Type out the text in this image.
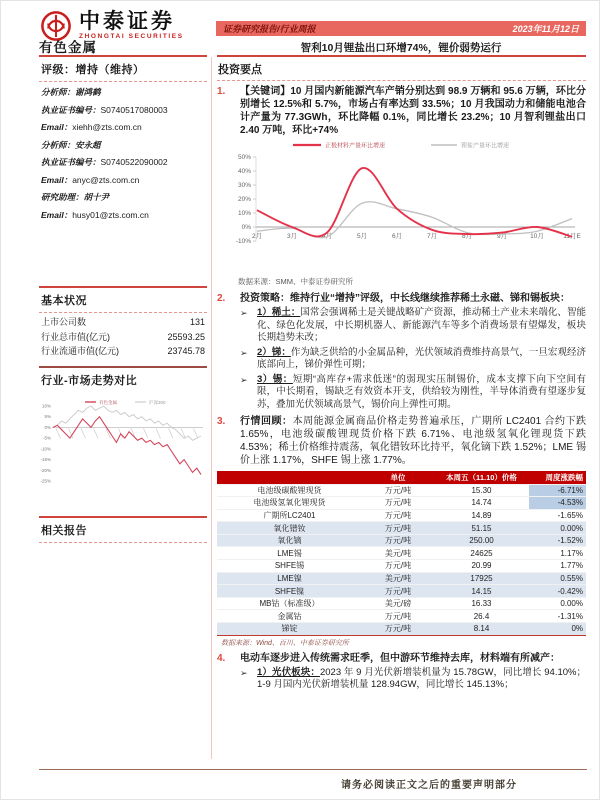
中泰证券
ZHONGTAI SECURITIES
证券研究报告/行业周报	2023年11月12日
有色金属	智利10月锂盐出口环增74%，锂价弱势运行
评级：增持（维持）
分析师：谢鸿鹤
执业证书编号：S0740517080003
Email：xiehh@zts.com.cn
分析师：安永超
执业证书编号：S0740522090002
Email：anyc@zts.com.cn
研究助理：胡十尹
Email：husy01@zts.com.cn
基本状况
上市公司数	131
行业总市值(亿元)	25593.25
行业流通市值(亿元)	23745.78
行业-市场走势对比
有色金属	沪深300
10%
5%
0%
-5%
-10%
-15%
-20%
-25%
相关报告
投资要点
1.	【关键词】10 月国内新能源汽车产销分别达到 98.9 万辆和 95.6 万辆，环比分别增长 12.5%和 5.7%，市场占有率达到 33.5%；10 月我国动力和储能电池合计产量为 77.3GWh，环比降幅 0.1%，同比增长 23.2%；10 月智利锂盐出口 2.40 万吨，环比+74%
正极材料产量环比增速	锂盐产量环比增速
50%
40%
30%
20%
10%
0%
-10%
2月	3月	4月	5月	6月	7月	8月	9月	10月	11月E
数据来源：SMM、中泰证券研究所
2.	投资策略：维持行业“增持”评级，中长线继续推荐稀土永磁、锑和锡板块：
➢ 1）稀土：国常会强调稀土是关键战略矿产资源，推动稀土产业未来端化、智能化、绿色化发展，中长期机器人、新能源汽车等多个消费场景有望爆发，板块长期趋势未改；
➢ 2）锑：作为缺乏供给的小金属品种，光伏领域消费维持高景气，一旦宏观经济底部向上，锑价弹性可期；
➢ 3）锡：短期“高库存+需求低迷”的弱现实压制锡价，成本支撑下向下空间有限，中长期看，锡缺乏有效资本开支，供给较为刚性，半导体消费有望逐步复苏，叠加光伏领域高景气，锡价向上弹性可期。
3.	行情回顾：本周能源金属商品价格走势普遍承压，广期所 LC2401 合约下跌 1.65%，电池级碳酸锂现货价格下跌 6.71%、电池级氢氧化锂现货下跌 4.53%；稀土价格维持震荡，氧化镨钕环比持平，氧化镝下跌 1.52%；LME 锡价上涨 1.17%，SHFE 锡上涨 1.77%。
	单位	本周五（11.10）价格	周度涨跌幅
电池级碳酸锂现货	万元/吨	15.30	-6.71%
电池级氢氧化锂现货	万元/吨	14.74	-4.53%
广期所LC2401	万元/吨	14.89	-1.65%
氧化镨钕	万元/吨	51.15	0.00%
氧化镝	万元/吨	250.00	-1.52%
LME锡	美元/吨	24625	1.17%
SHFE锡	万元/吨	20.99	1.77%
LME镍	美元/吨	17925	0.55%
SHFE镍	万元/吨	14.15	-0.42%
MB钴（标准级）	美元/磅	16.33	0.00%
金属钴	万元/吨	26.4	-1.31%
锑锭	万元/吨	8.14	0%
数据来源：Wind、百川、中泰证券研究所
4.	电动车逐步进入传统需求旺季，但中游环节维持去库，材料端有所减产：
➢ 1）光伏板块：2023 年 9 月光伏新增装机量为 15.78GW，同比增长 94.10%；1-9 月国内光伏新增装机量 128.94GW，同比增长 145.13%；
请务必阅读正文之后的重要声明部分
